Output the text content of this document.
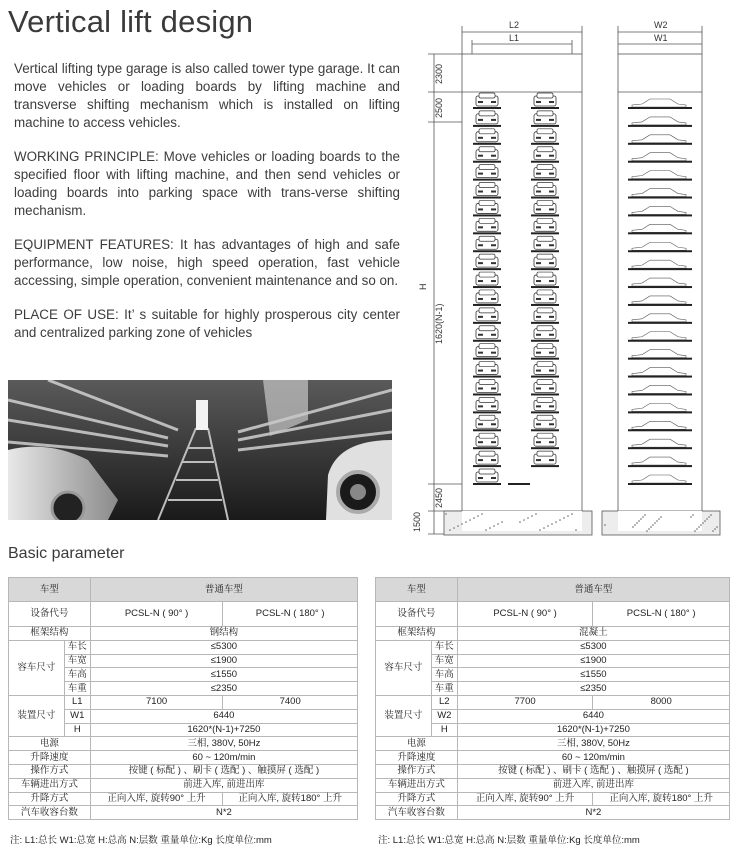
Vertical lift design

Vertical lifting type garage is also called tower type garage. It can move vehicles or loading boards by lifting machine and transverse shifting mechanism which is installed on lifting machine to access vehicles.

WORKING PRINCIPLE: Move vehicles or loading boards to the specified floor with lifting machine, and then send vehicles or loading boards into parking space with trans-verse shifting mechanism.

EQUIPMENT FEATURES: It has advantages of high and safe performance, low noise, high speed operation, fast vehicle accessing, simple operation, convenient maintenance and so on.

PLACE OF USE: It’ s suitable for highly prosperous city center and centralized parking zone of vehicles

L2
L1
W2
W1
2300
2500
H
1620(N-1)
2450
1500
Basic parameter
车型		普通车型	
设备代号		PCSL-N ( 90° )	PCSL-N ( 180° )
框架结构		钢结构	
容车尺寸	车长	≤5300	
	车宽	≤1900	
	车高	≤1550	
	车重	≤2350	
装置尺寸	L1	7100	7400
	W1	6440	
	H	1620*(N-1)+7250	
电源		三相, 380V, 50Hz	
升降速度		60 ~ 120m/min	
操作方式		按键 ( 标配 ) 、刷卡 ( 选配 ) 、触摸屏 ( 选配 )	
车辆进出方式		前进入库, 前进出库	
升降方式		正向入库, 旋转90° 上升	正向入库, 旋转180° 上升
汽车收容台数		N*2	
车型		普通车型	
设备代号		PCSL-N ( 90° )	PCSL-N ( 180° )
框架结构		混凝土	
容车尺寸	车长	≤5300	
	车宽	≤1900	
	车高	≤1550	
	车重	≤2350	
装置尺寸	L2	7700	8000
	W2	6440	
	H	1620*(N-1)+7250	
电源		三相, 380V, 50Hz	
升降速度		60 ~ 120m/min	
操作方式		按键 ( 标配 ) 、刷卡 ( 选配 ) 、触摸屏 ( 选配 )	
车辆进出方式		前进入库, 前进出库	
升降方式		正向入库, 旋转90° 上升	正向入库, 旋转180° 上升
汽车收容台数		N*2	
注: L1:总长 W1:总宽 H:总高 N:层数 重量单位:Kg 长度单位:mm	注: L1:总长 W1:总宽 H:总高 N:层数 重量单位:Kg 长度单位:mm
